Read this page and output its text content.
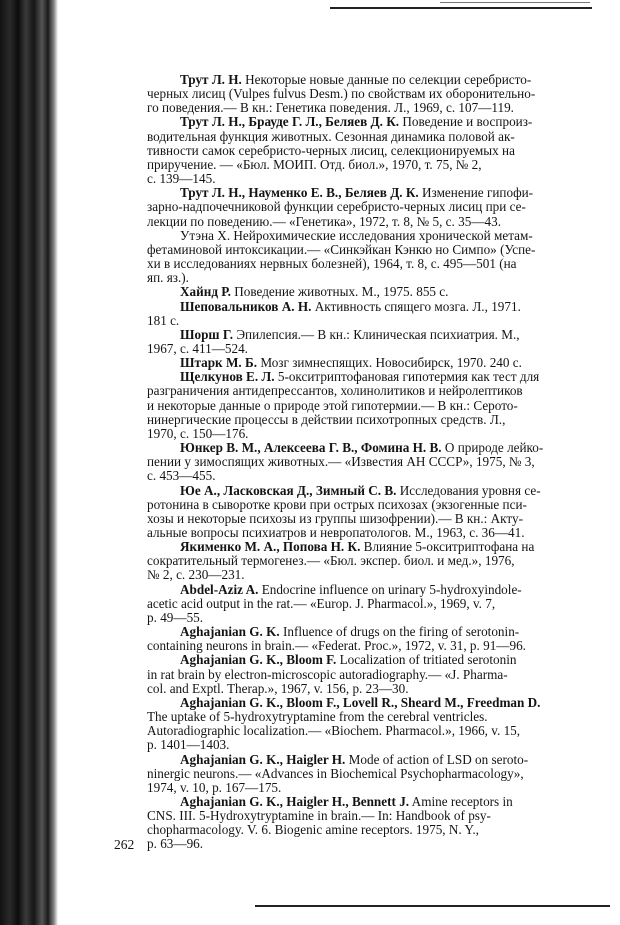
Трут Л. Н. Некоторые новые данные по селекции серебристо-
черных лисиц (Vulpes fulvus Desm.) по свойствам их оборонительно-
го поведения.— В кн.: Генетика поведения. Л., 1969, с. 107—119.
Трут Л. Н., Брауде Г. Л., Беляев Д. К. Поведение и воспроиз-
водительная функция животных. Сезонная динамика половой ак-
тивности самок серебристо-черных лисиц, селекционируемых на
приручение. — «Бюл. МОИП. Отд. биол.», 1970, т. 75, № 2,
с. 139—145.
Трут Л. Н., Науменко Е. В., Беляев Д. К. Изменение гипофи-
зарно-надпочечниковой функции серебристо-черных лисиц при се-
лекции по поведению.— «Генетика», 1972, т. 8, № 5, с. 35—43.
Утэна Х. Нейрохимические исследования хронической метам-
фетаминовой интоксикации.— «Синкэйкан Кэнкю но Симпо» (Успе-
хи в исследованиях нервных болезней), 1964, т. 8, с. 495—501 (на
яп. яз.).
Хайнд Р. Поведение животных. М., 1975. 855 с.
Шеповальников А. Н. Активность спящего мозга. Л., 1971.
181 с.
Шорш Г. Эпилепсия.— В кн.: Клиническая психиатрия. М.,
1967, с. 411—524.
Штарк М. Б. Мозг зимнеспящих. Новосибирск, 1970. 240 с.
Щелкунов Е. Л. 5-окситриптофановая гипотермия как тест для
разграничения антидепрессантов, холинолитиков и нейролептиков
и некоторые данные о природе этой гипотермии.— В кн.: Серото-
нинергические процессы в действии психотропных средств. Л.,
1970, с. 150—176.
Юнкер В. М., Алексеева Г. В., Фомина Н. В. О природе лейко-
пении у зимоспящих животных.— «Известия АН СССР», 1975, № 3,
с. 453—455.
Юе А., Ласковская Д., Зимный С. В. Исследования уровня се-
ротонина в сыворотке крови при острых психозах (экзогенные пси-
хозы и некоторые психозы из группы шизофрении).— В кн.: Акту-
альные вопросы психиатров и невропатологов. М., 1963, с. 36—41.
Якименко М. А., Попова Н. К. Влияние 5-окситриптофана на
сократительный термогенез.— «Бюл. экспер. биол. и мед.», 1976,
№ 2, с. 230—231.
Abdel-Aziz A. Endocrine influence on urinary 5-hydroxyindole-
acetic acid output in the rat.— «Europ. J. Pharmacol.», 1969, v. 7,
p. 49—55.
Aghajanian G. K. Influence of drugs on the firing of serotonin-
containing neurons in brain.— «Federat. Proc.», 1972, v. 31, p. 91—96.
Aghajanian G. K., Bloom F. Localization of tritiated serotonin
in rat brain by electron-microscopic autoradiography.— «J. Pharma-
col. and Exptl. Therap.», 1967, v. 156, p. 23—30.
Aghajanian G. K., Bloom F., Lovell R., Sheard M., Freedman D.
The uptake of 5-hydroxytryptamine from the cerebral ventricles.
Autoradiographic localization.— «Biochem. Pharmacol.», 1966, v. 15,
p. 1401—1403.
Aghajanian G. K., Haigler H. Mode of action of LSD on seroto-
ninergic neurons.— «Advances in Biochemical Psychopharmacology»,
1974, v. 10, p. 167—175.
Aghajanian G. K., Haigler H., Bennett J. Amine receptors in
CNS. III. 5-Hydroxytryptamine in brain.— In: Handbook of psy-
chopharmacology. V. 6. Biogenic amine receptors. 1975, N. Y.,
p. 63—96.
262
